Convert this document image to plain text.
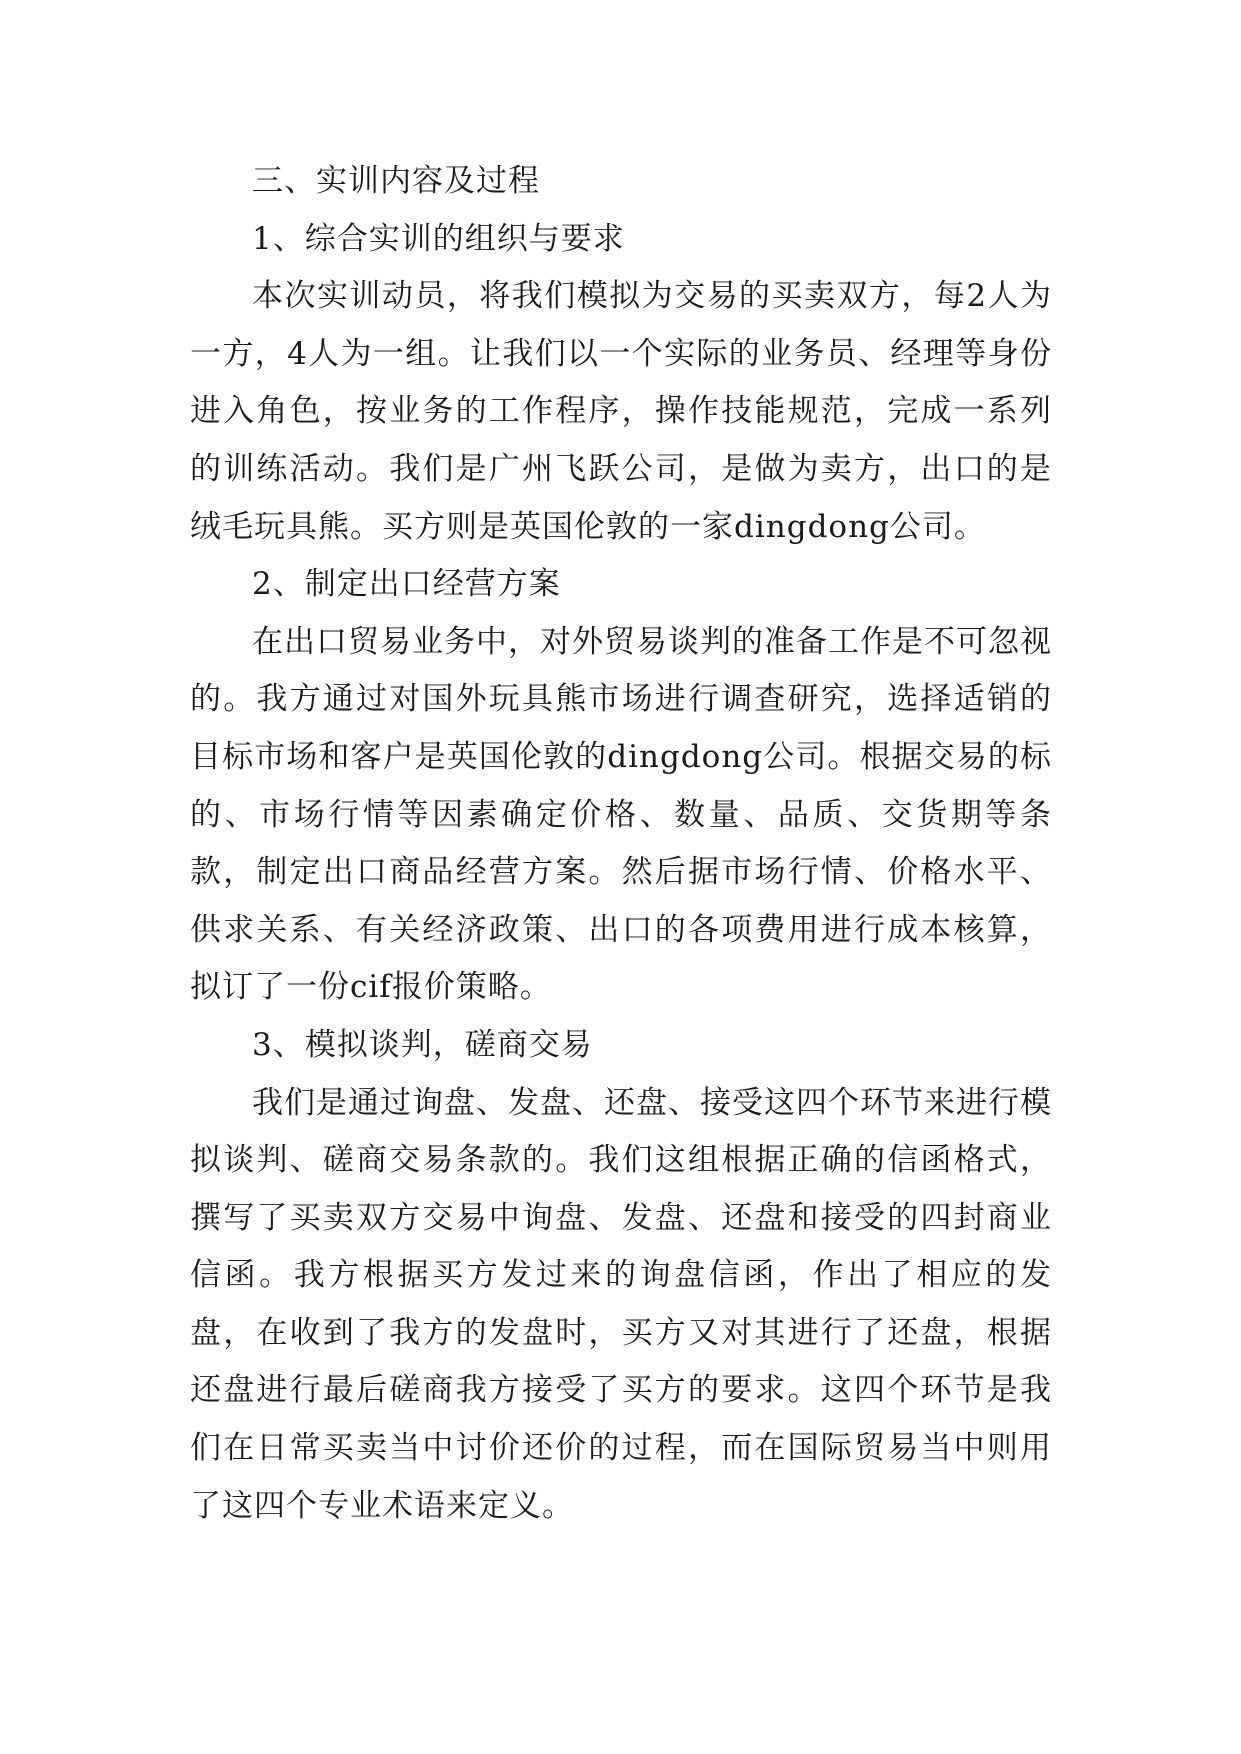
三、实训内容及过程

1、综合实训的组织与要求

本次实训动员，将我们模拟为交易的买卖双方，每2人为一方，4人为一组。让我们以一个实际的业务员、经理等身份进入角色，按业务的工作程序，操作技能规范，完成一系列的训练活动。我们是广州飞跃公司，是做为卖方，出口的是绒毛玩具熊。买方则是英国伦敦的一家dingdong公司。

2、制定出口经营方案

在出口贸易业务中，对外贸易谈判的准备工作是不可忽视的。我方通过对国外玩具熊市场进行调查研究，选择适销的目标市场和客户是英国伦敦的dingdong公司。根据交易的标的、市场行情等因素确定价格、数量、品质、交货期等条款，制定出口商品经营方案。然后据市场行情、价格水平、供求关系、有关经济政策、出口的各项费用进行成本核算，拟订了一份cif报价策略。

3、模拟谈判，磋商交易

我们是通过询盘、发盘、还盘、接受这四个环节来进行模拟谈判、磋商交易条款的。我们这组根据正确的信函格式，撰写了买卖双方交易中询盘、发盘、还盘和接受的四封商业信函。我方根据买方发过来的询盘信函，作出了相应的发盘，在收到了我方的发盘时，买方又对其进行了还盘，根据还盘进行最后磋商我方接受了买方的要求。这四个环节是我们在日常买卖当中讨价还价的过程，而在国际贸易当中则用了这四个专业术语来定义。
